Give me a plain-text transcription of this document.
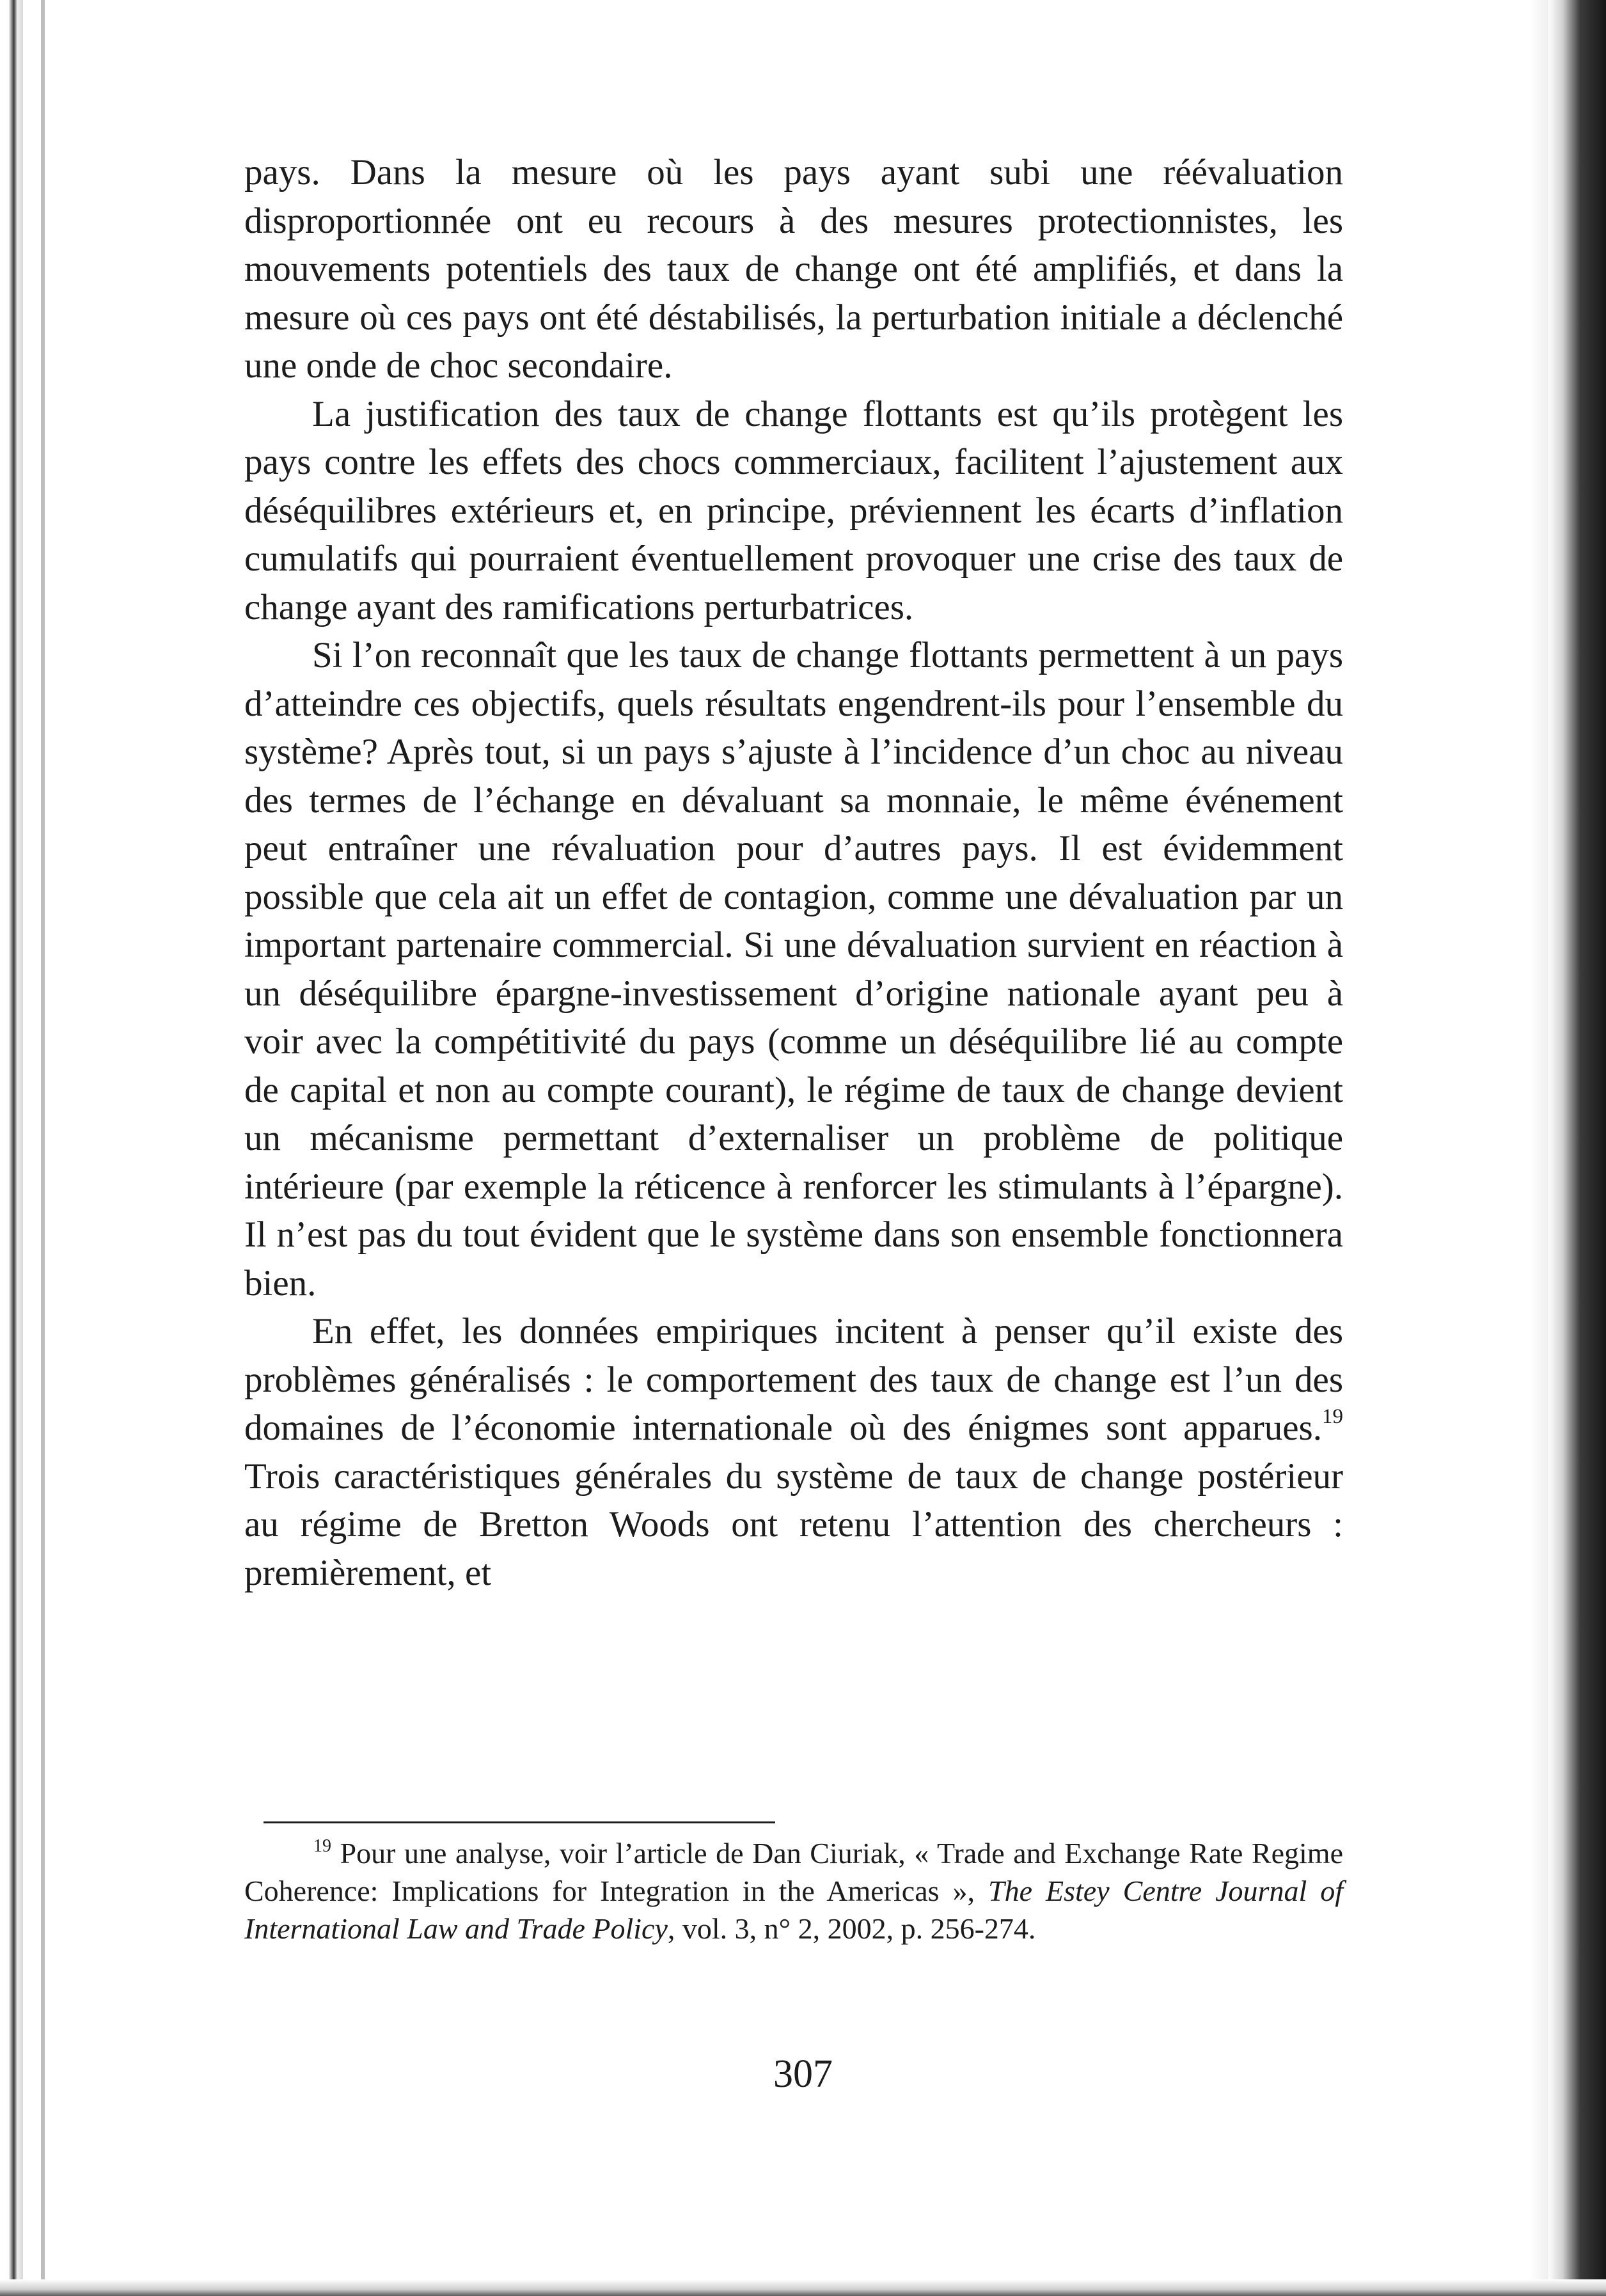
pays. Dans la mesure où les pays ayant subi une réévaluation disproportionnée ont eu recours à des mesures protectionnistes, les mouvements potentiels des taux de change ont été amplifiés, et dans la mesure où ces pays ont été déstabilisés, la perturbation initiale a déclenché une onde de choc secondaire.

La justification des taux de change flottants est qu’ils protègent les pays contre les effets des chocs commerciaux, facilitent l’ajustement aux déséquilibres extérieurs et, en principe, préviennent les écarts d’inflation cumulatifs qui pourraient éventuellement provoquer une crise des taux de change ayant des ramifications perturbatrices.

Si l’on reconnaît que les taux de change flottants permettent à un pays d’atteindre ces objectifs, quels résultats engendrent-ils pour l’ensemble du système? Après tout, si un pays s’ajuste à l’incidence d’un choc au niveau des termes de l’échange en dévaluant sa monnaie, le même événement peut entraîner une révaluation pour d’autres pays. Il est évidemment possible que cela ait un effet de contagion, comme une dévaluation par un important partenaire commercial. Si une dévaluation survient en réaction à un déséquilibre épargne-investissement d’origine nationale ayant peu à voir avec la compétitivité du pays (comme un déséquilibre lié au compte de capital et non au compte courant), le régime de taux de change devient un mécanisme permettant d’externaliser un problème de politique intérieure (par exemple la réticence à renforcer les stimulants à l’épargne). Il n’est pas du tout évident que le système dans son ensemble fonctionnera bien.

En effet, les données empiriques incitent à penser qu’il existe des problèmes généralisés : le comportement des taux de change est l’un des domaines de l’économie internationale où des énigmes sont apparues.$^{19}$ Trois caractéristiques générales du système de taux de change postérieur au régime de Bretton Woods ont retenu l’attention des chercheurs : premièrement, et

$^{19}$ Pour une analyse, voir l’article de Dan Ciuriak, « Trade and Exchange Rate Regime Coherence: Implications for Integration in the Americas », The Estey Centre Journal of International Law and Trade Policy, vol. 3, n° 2, 2002, p. 256-274.

307
